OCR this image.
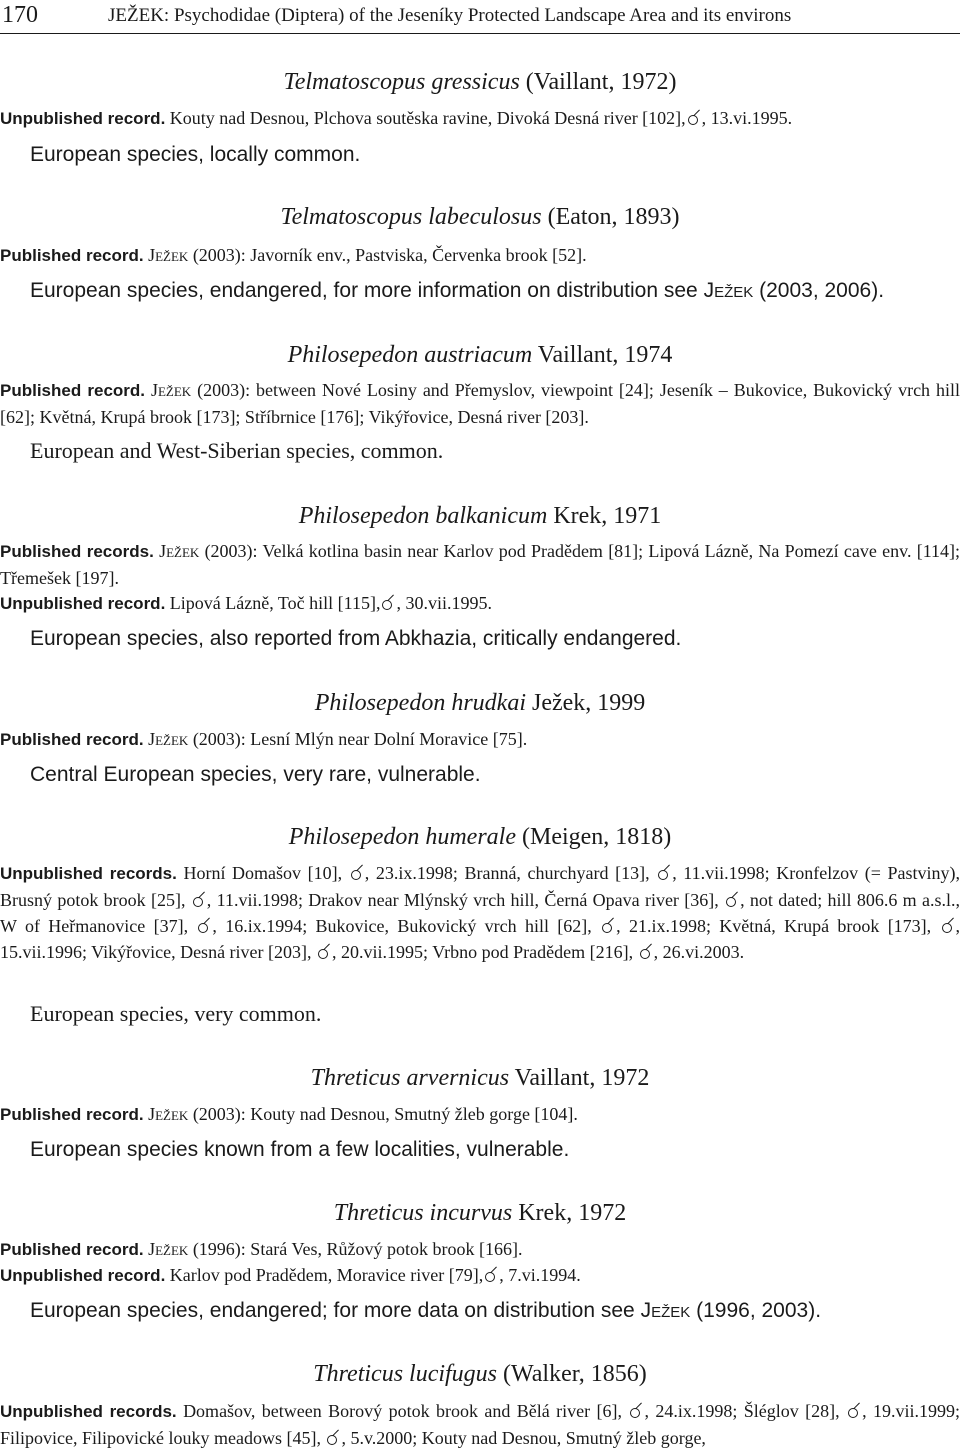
170	JEŽEK: Psychodidae (Diptera) of the Jeseníky Protected Landscape Area and its environs
Telmatoscopus gressicus (Vaillant, 1972)

Unpublished record. Kouty nad Desnou, Plchova soutěska ravine, Divoká Desná river [102], , 13.vi.1995.

European species, locally common.

Telmatoscopus labeculosus (Eaton, 1893)

Published record. Ježek (2003): Javorník env., Pastviska, Červenka brook [52].

European species, endangered, for more information on distribution see Ježek (2003, 2006).

Philosepedon austriacum Vaillant, 1974

Published record. Ježek (2003): between Nové Losiny and Přemyslov, viewpoint [24]; Jeseník – Bukovice, Bukovický vrch hill [62]; Květná, Krupá brook [173]; Stříbrnice [176]; Vikýřovice, Desná river [203].

European and West-Siberian species, common.

Philosepedon balkanicum Krek, 1971

Published records. Ježek (2003): Velká kotlina basin near Karlov pod Pradědem [81]; Lipová Lázně, Na Pomezí cave env. [114]; Třemešek [197].

Unpublished record. Lipová Lázně, Toč hill [115], , 30.vii.1995.

European species, also reported from Abkhazia, critically endangered.

Philosepedon hrudkai Ježek, 1999

Published record. Ježek (2003): Lesní Mlýn near Dolní Moravice [75].

Central European species, very rare, vulnerable.

Philosepedon humerale (Meigen, 1818)

Unpublished records. Horní Domašov [10], , 23.ix.1998; Branná, churchyard [13], , 11.vii.1998; Kronfelzov (= Pastviny), Brusný potok brook [25], , 11.vii.1998; Drakov near Mlýnský vrch hill, Černá Opava river [36], , not dated; hill 806.6 m a.s.l., W of Heřmanovice [37], , 16.ix.1994; Bukovice, Bukovický vrch hill [62], , 21.ix.1998; Květná, Krupá brook [173], , 15.vii.1996; Vikýřovice, Desná river [203], , 20.vii.1995; Vrbno pod Pradědem [216], , 26.vi.2003.

European species, very common.

Threticus arvernicus Vaillant, 1972

Published record. Ježek (2003): Kouty nad Desnou, Smutný žleb gorge [104].

European species known from a few localities, vulnerable.

Threticus incurvus Krek, 1972

Published record. Ježek (1996): Stará Ves, Růžový potok brook [166].

Unpublished record. Karlov pod Pradědem, Moravice river [79], , 7.vi.1994.

European species, endangered; for more data on distribution see Ježek (1996, 2003).

Threticus lucifugus (Walker, 1856)

Unpublished records. Domašov, between Borový potok brook and Bělá river [6], , 24.ix.1998; Šléglov [28], , 19.vii.1999; Filipovice, Filipovické louky meadows [45], , 5.v.2000; Kouty nad Desnou, Smutný žleb gorge,
